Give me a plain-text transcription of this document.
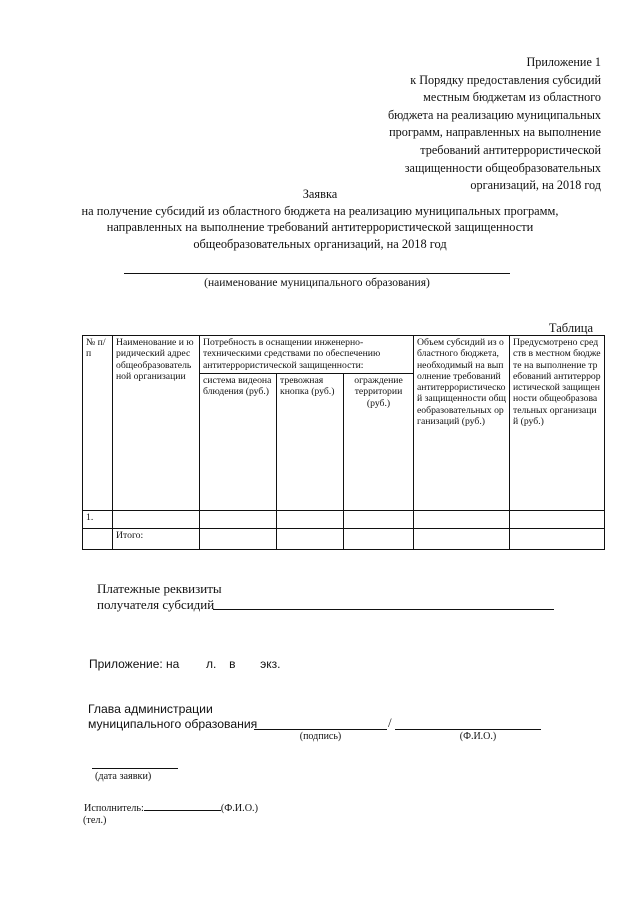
Приложение 1
к Порядку предоставления субсидий
местным бюджетам из областного
бюджета на реализацию муниципальных
программ, направленных на выполнение
требований антитеррористической
защищенности общеобразовательных
организаций, на 2018 год
Заявка
на получение субсидий из областного бюджета на реализацию муниципальных программ,
направленных на выполнение требований антитеррористической защищенности
общеобразовательных организаций, на 2018 год
(наименование муниципального образования)
Таблица
№ п/п	Наименование и юридический адрес общеобразовательной организации	Потребность в оснащении инженерно-техническими средствами по обеспечению антитеррористической защищенности:			Объем субсидий из областного бюджета, необходимый на выполнение требований антитеррористической защищенности общеобразовательных организаций (руб.)	Предусмотрено средств в местном бюджете на выполнение требований антитеррористической защищенности общеобразовательных организаций (руб.)
		система видеонаблюдения (руб.)	тревожная кнопка (руб.)	ограждение территории (руб.)		
1.						
	Итого:					
Платежные реквизиты
получателя субсидий
Приложение: на л. в экз.
Глава администрации
муниципального образования	/
(подпись)	(Ф.И.О.)
(дата заявки)
Исполнитель:	(Ф.И.О.)
(тел.)
